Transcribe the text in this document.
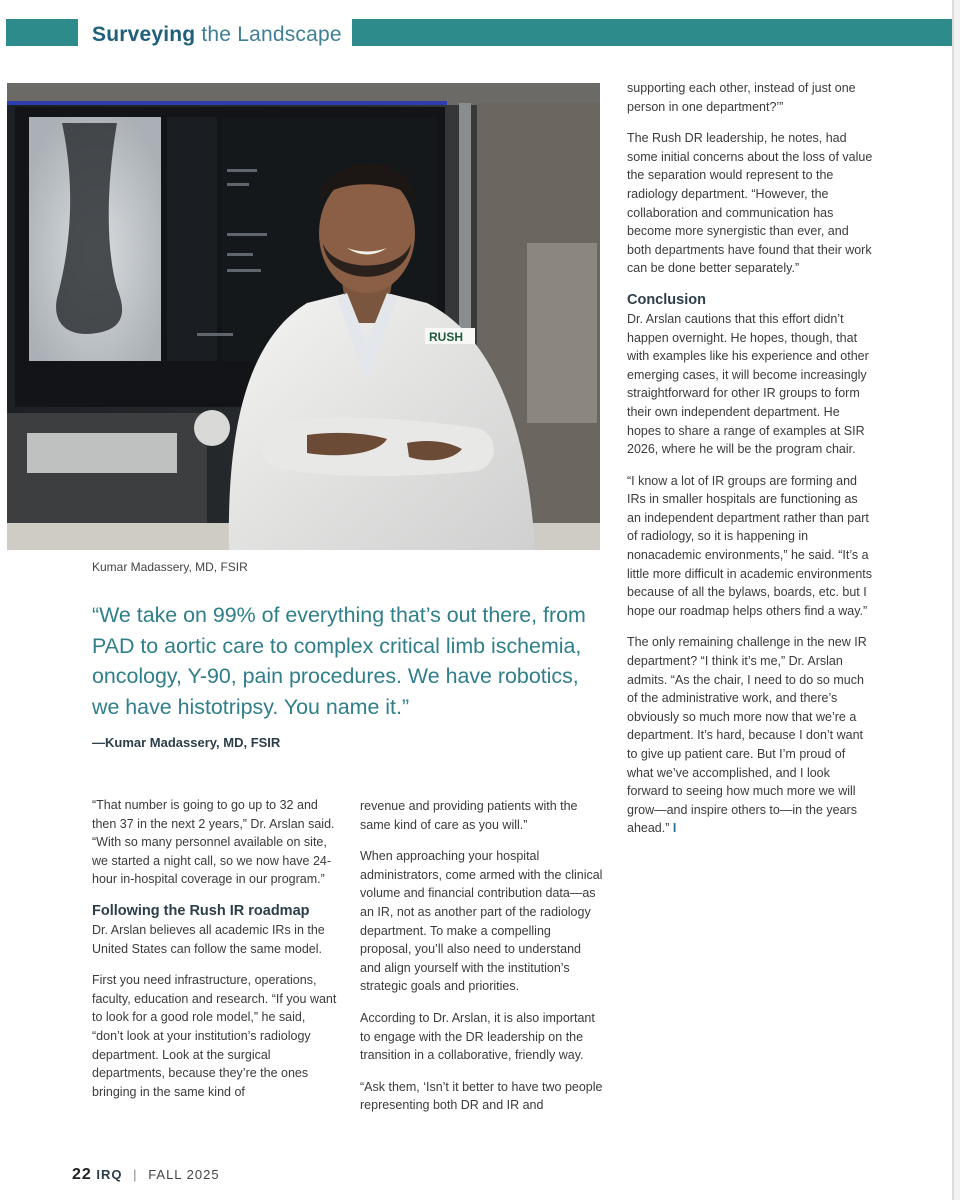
Surveying the Landscape
RUSH
Kumar Madassery, MD, FSIR
“We take on 99% of everything that’s out there, from PAD to aortic care to complex critical limb ischemia, oncology, Y-90, pain procedures. We have robotics, we have histotripsy. You name it.”
—Kumar Madassery, MD, FSIR

“That number is going to go up to 32 and then 37 in the next 2 years,” Dr. Arslan said. “With so many personnel available on site, we started a night call, so we now have 24-hour in-hospital coverage in our program.”

Following the Rush IR roadmap

Dr. Arslan believes all academic IRs in the United States can follow the same model.

First you need infrastructure, operations, faculty, education and research. “If you want to look for a good role model,” he said, “don’t look at your institution’s radiology department. Look at the surgical departments, because they’re the ones bringing in the same kind of

revenue and providing patients with the same kind of care as you will.”

When approaching your hospital administrators, come armed with the clinical volume and financial contribution data—as an IR, not as another part of the radiology department. To make a compelling proposal, you’ll also need to understand and align yourself with the institution’s strategic goals and priorities.

According to Dr. Arslan, it is also important to engage with the DR leadership on the transition in a collaborative, friendly way.

“Ask them, ‘Isn’t it better to have two people representing both DR and IR and

supporting each other, instead of just one person in one department?’”

The Rush DR leadership, he notes, had some initial concerns about the loss of value the separation would represent to the radiology department. “However, the collaboration and communication has become more synergistic than ever, and both departments have found that their work can be done better separately.”

Conclusion

Dr. Arslan cautions that this effort didn’t happen overnight. He hopes, though, that with examples like his experience and other emerging cases, it will become increasingly straightforward for other IR groups to form their own independent department. He hopes to share a range of examples at SIR 2026, where he will be the program chair.

“I know a lot of IR groups are forming and IRs in smaller hospitals are functioning as an independent department rather than part of radiology, so it is happening in nonacademic environments,” he said. “It’s a little more difficult in academic environments because of all the bylaws, boards, etc. but I hope our roadmap helps others find a way.”

The only remaining challenge in the new IR department? “I think it’s me,” Dr. Arslan admits. “As the chair, I need to do so much of the administrative work, and there’s obviously so much more now that we’re a department. It’s hard, because I don’t want to give up patient care. But I’m proud of what we’ve accomplished, and I look forward to seeing how much more we will grow—and inspire others to—in the years ahead.” I

22 IRQ | FALL 2025
